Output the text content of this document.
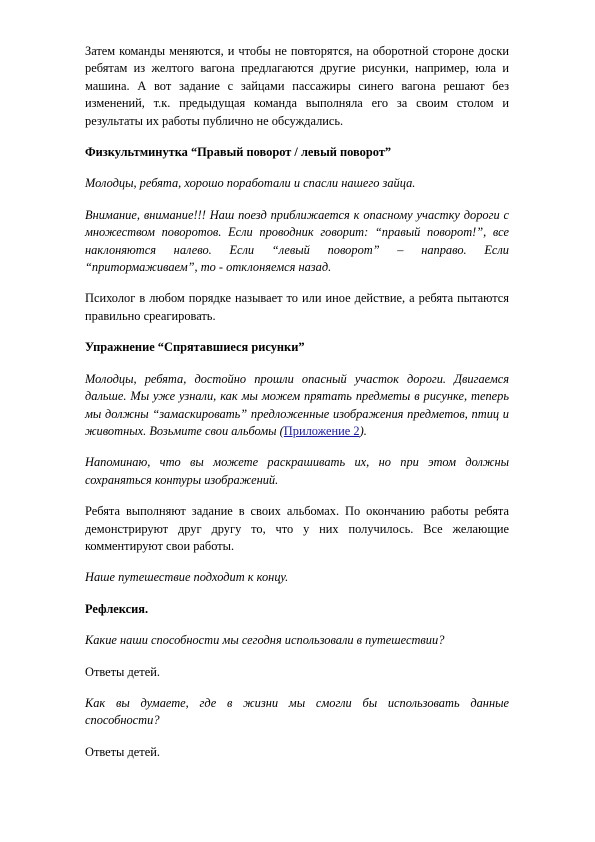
Затем команды меняются, и чтобы не повторятся, на оборотной стороне доски ребятам из желтого вагона предлагаются другие рисунки, например, юла и машина. А вот задание с зайцами пассажиры синего вагона решают без изменений, т.к. предыдущая команда выполняла его за своим столом и результаты их работы публично не обсуждались.

Физкультминутка “Правый поворот / левый поворот”

Молодцы, ребята, хорошо поработали и спасли нашего зайца.

Внимание, внимание!!! Наш поезд приближается к опасному участку дороги с множеством поворотов. Если проводник говорит: “правый поворот!”, все наклоняются налево. Если “левый поворот” – направо. Если “притормаживаем”, то - отклоняемся назад.

Психолог в любом порядке называет то или иное действие, а ребята пытаются правильно среагировать.

Упражнение “Спрятавшиеся рисунки”

Молодцы, ребята, достойно прошли опасный участок дороги. Двигаемся дальше. Мы уже узнали, как мы можем прятать предметы в рисунке, теперь мы должны “замаскировать” предложенные изображения предметов, птиц и животных. Возьмите свои альбомы (Приложение 2).

Напоминаю, что вы можете раскрашивать их, но при этом должны сохраняться контуры изображений.

Ребята выполняют задание в своих альбомах. По окончанию работы ребята демонстрируют друг другу то, что у них получилось. Все желающие комментируют свои работы.

Наше путешествие подходит к концу.

Рефлексия.

Какие наши способности мы сегодня использовали в путешествии?

Ответы детей.

Как вы думаете, где в жизни мы смогли бы использовать данные способности?

Ответы детей.
